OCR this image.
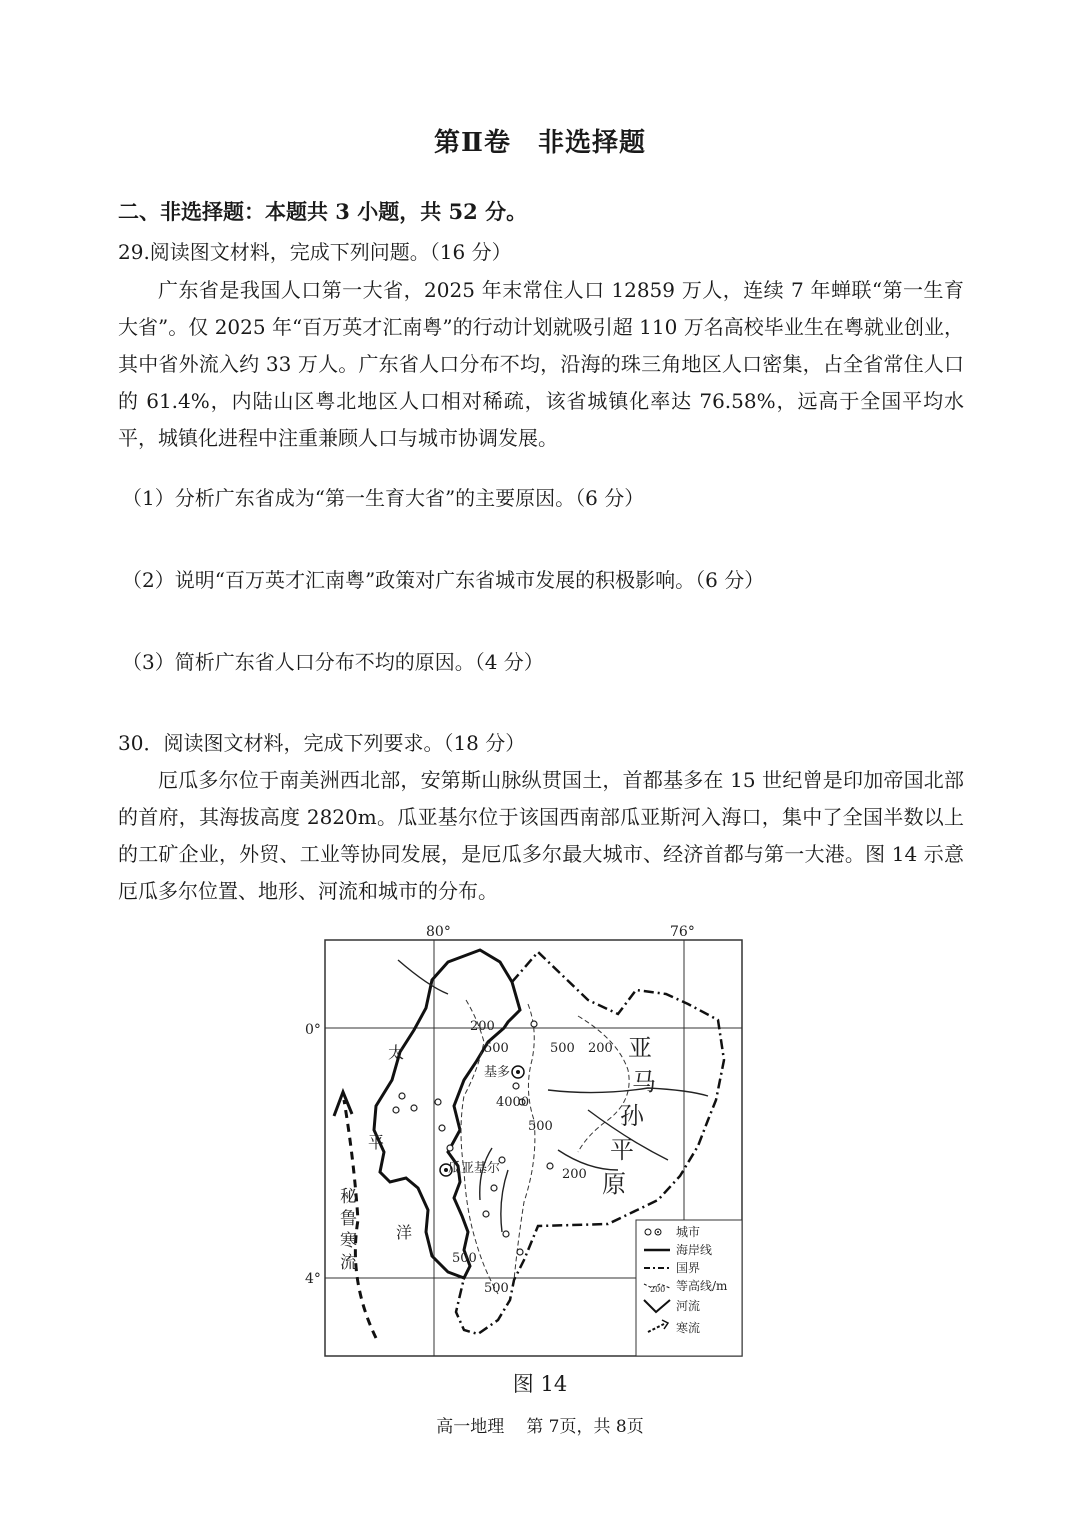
第Ⅱ卷　非选择题
二、非选择题：本题共 3 小题，共 52 分。
29.阅读图文材料，完成下列问题。（16 分）
广东省是我国人口第一大省，2025 年末常住人口 12859 万人，连续 7 年蝉联“第一生育大省”。仅 2025 年“百万英才汇南粤”的行动计划就吸引超 110 万名高校毕业生在粤就业创业，其中省外流入约 33 万人。广东省人口分布不均，沿海的珠三角地区人口密集，占全省常住人口的 61.4%，内陆山区粤北地区人口相对稀疏，该省城镇化率达 76.58%，远高于全国平均水平，城镇化进程中注重兼顾人口与城市协调发展。
（1）分析广东省成为“第一生育大省”的主要原因。（6 分）
（2）说明“百万英才汇南粤”政策对广东省城市发展的积极影响。（6 分）
（3）简析广东省人口分布不均的原因。（4 分）
30．阅读图文材料，完成下列要求。（18 分）
厄瓜多尔位于南美洲西北部，安第斯山脉纵贯国土，首都基多在 15 世纪曾是印加帝国北部的首府，其海拔高度 2820m。瓜亚基尔位于该国西南部瓜亚斯河入海口，集中了全国半数以上的工矿企业，外贸、工业等协同发展，是厄瓜多尔最大城市、经济首都与第一大港。图 14 示意厄瓜多尔位置、地形、河流和城市的分布。
80°	76°
0°
4°
基多
瓜亚基尔
200
500	500 200
4000
500
200
500
500
太
平
洋
秘
鲁
寒
流
亚
马
孙
平
原
城市
海岸线
国界
200 等高线/m
河流
寒流
图 14
高一地理 第 7页，共 8页
